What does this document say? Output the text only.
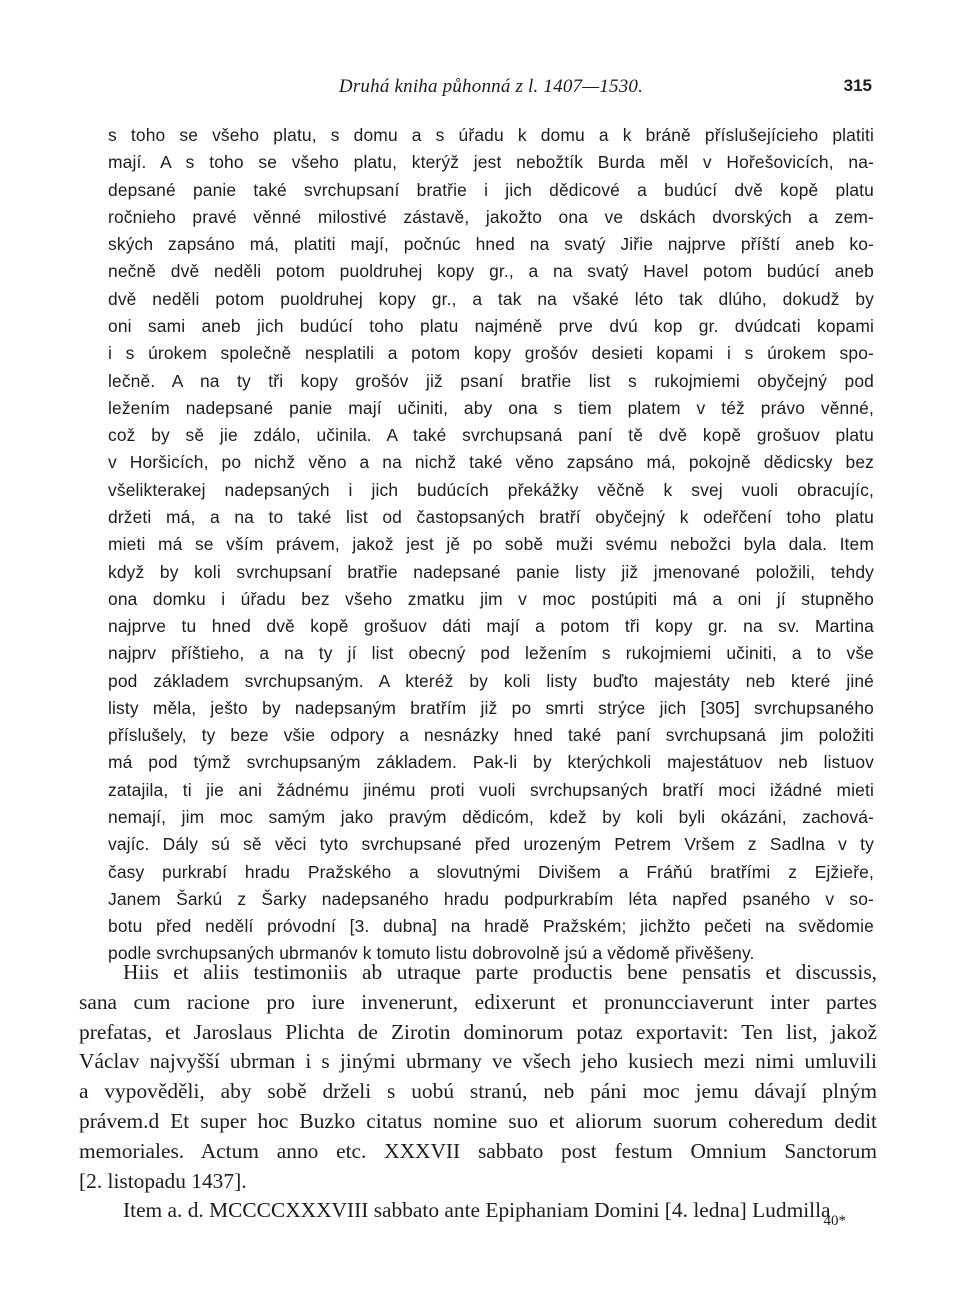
Druhá kniha půhonná z l. 1407—1530.	315
s toho se všeho platu, s domu a s úřadu k domu a k bráně příslušejícieho platiti
mají. A s toho se všeho platu, kterýž jest nebožtík Burda měl v Hořešovicích, na-
depsané panie také svrchupsaní bratřie i jich dědicové a budúcí dvě kopě platu
ročnieho pravé věnné milostivé zástavě, jakožto ona ve dskách dvorských a zem-
ských zapsáno má, platiti mají, počnúc hned na svatý Jiřie najprve příští aneb ko-
nečně dvě neděli potom puoldruhej kopy gr., a na svatý Havel potom budúcí aneb
dvě neděli potom puoldruhej kopy gr., a tak na všaké léto tak dlúho, dokudž by
oni sami aneb jich budúcí toho platu najméně prve dvú kop gr. dvúdcati kopami
i s úrokem společně nesplatili a potom kopy grošóv desieti kopami i s úrokem spo-
lečně. A na ty tři kopy grošóv již psaní bratřie list s rukojmiemi obyčejný pod
ležením nadepsané panie mají učiniti, aby ona s tiem platem v též právo věnné,
což by sě jie zdálo, učinila. A také svrchupsaná paní tě dvě kopě grošuov platu
v Horšicích, po nichž věno a na nichž také věno zapsáno má, pokojně dědicsky bez
všelikterakej nadepsaných i jich budúcích překážky věčně k svej vuoli obracujíc,
držeti má, a na to také list od častopsaných bratří obyčejný k odeřčení toho platu
mieti má se vším právem, jakož jest jě po sobě muži svému nebožci byla dala. Item
když by koli svrchupsaní bratřie nadepsané panie listy již jmenované položili, tehdy
ona domku i úřadu bez všeho zmatku jim v moc postúpiti má a oni jí stupněho
najprve tu hned dvě kopě grošuov dáti mají a potom tři kopy gr. na sv. Martina
najprv příštieho, a na ty jí list obecný pod ležením s rukojmiemi učiniti, a to vše
pod základem svrchupsaným. A kteréž by koli listy buďto majestáty neb které jiné
listy měla, ješto by nadepsaným bratřím již po smrti strýce jich [305] svrchupsaného
příslušely, ty beze všie odpory a nesnázky hned také paní svrchupsaná jim položiti
má pod týmž svrchupsaným základem. Pak-li by kterýchkoli majestátuov neb listuov
zatajila, ti jie ani žádnému jinému proti vuoli svrchupsaných bratří moci ižádné mieti
nemají, jim moc samým jako pravým dědicóm, kdež by koli byli okázáni, zachová-
vajíc. Dály sú sě věci tyto svrchupsané před urozeným Petrem Vršem z Sadlna v ty
časy purkrabí hradu Pražského a slovutnými Divišem a Fráňú bratřími z Ejžieře,
Janem Šarkú z Šarky nadepsaného hradu podpurkrabím léta napřed psaného v so-
botu před nedělí próvodní [3. dubna] na hradě Pražském; jichžto pečeti na svědomie
podle svrchupsaných ubrmanóv k tomuto listu dobrovolně jsú a vědomě přivěšeny.
Hiis et aliis testimoniis ab utraque parte productis bene pensatis et discussis,
sana cum racione pro iure invenerunt, edixerunt et pronuncciaverunt inter partes
prefatas, et Jaroslaus Plichta de Zirotin dominorum potaz exportavit: Ten list, jakož
Václav najvyšší ubrman i s jinými ubrmany ve všech jeho kusiech mezi nimi umluvili
a vypověděli, aby sobě drželi s uobú stranú, neb páni moc jemu dávají plným
právem.d Et super hoc Buzko citatus nomine suo et aliorum suorum coheredum dedit
memoriales. Actum anno etc. XXXVII sabbato post festum Omnium Sanctorum
[2. listopadu 1437].
Item a. d. MCCCCXXXVIII sabbato ante Epiphaniam Domini [4. ledna] Ludmilla
40*
